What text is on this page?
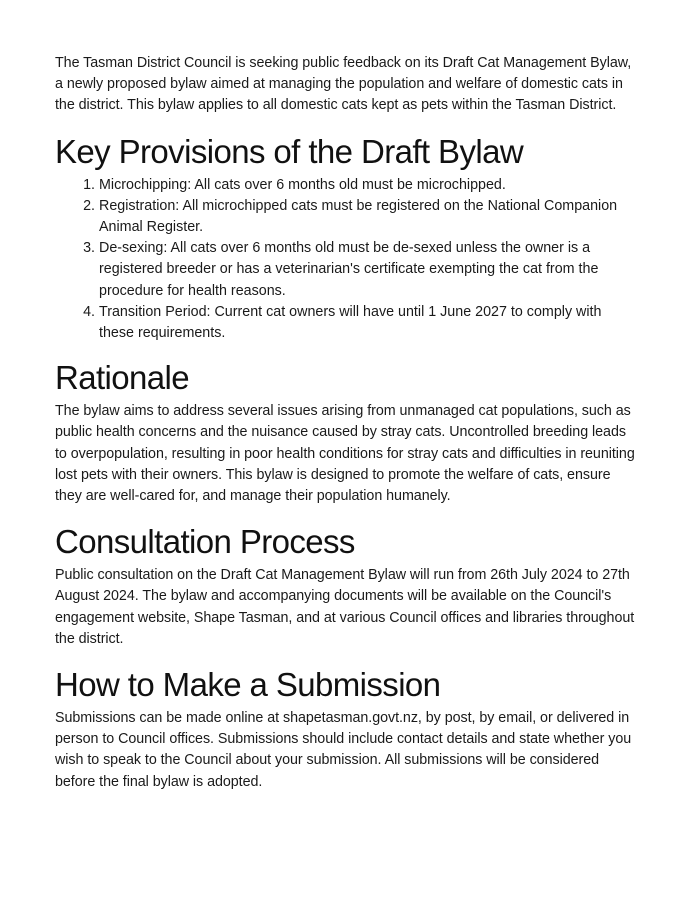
The Tasman District Council is seeking public feedback on its Draft Cat Management Bylaw, a newly proposed bylaw aimed at managing the population and welfare of domestic cats in the district. This bylaw applies to all domestic cats kept as pets within the Tasman District.

Key Provisions of the Draft Bylaw
1. Microchipping: All cats over 6 months old must be microchipped.
2. Registration: All microchipped cats must be registered on the National Companion Animal Register.
3. De-sexing: All cats over 6 months old must be de-sexed unless the owner is a registered breeder or has a veterinarian's certificate exempting the cat from the procedure for health reasons.
4. Transition Period: Current cat owners will have until 1 June 2027 to comply with these requirements.
Rationale

The bylaw aims to address several issues arising from unmanaged cat populations, such as public health concerns and the nuisance caused by stray cats. Uncontrolled breeding leads to overpopulation, resulting in poor health conditions for stray cats and difficulties in reuniting lost pets with their owners. This bylaw is designed to promote the welfare of cats, ensure they are well-cared for, and manage their population humanely.

Consultation Process

Public consultation on the Draft Cat Management Bylaw will run from 26th July 2024 to 27th August 2024. The bylaw and accompanying documents will be available on the Council's engagement website, Shape Tasman, and at various Council offices and libraries throughout the district.

How to Make a Submission

Submissions can be made online at shapetasman.govt.nz, by post, by email, or delivered in person to Council offices. Submissions should include contact details and state whether you wish to speak to the Council about your submission. All submissions will be considered before the final bylaw is adopted.
